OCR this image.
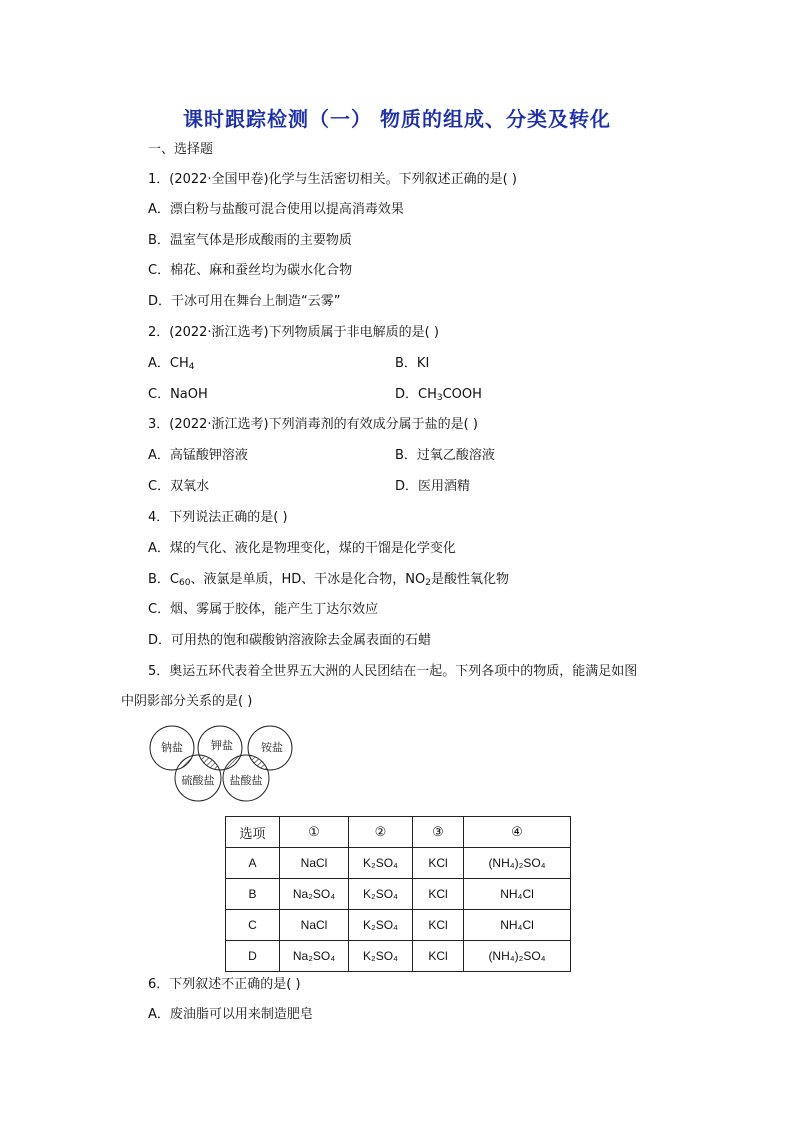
课时跟踪检测（一） 物质的组成、分类及转化
一、选择题
1．(2022·全国甲卷)化学与生活密切相关。下列叙述正确的是( )
A．漂白粉与盐酸可混合使用以提高消毒效果
B．温室气体是形成酸雨的主要物质
C．棉花、麻和蚕丝均为碳水化合物
D．干冰可用在舞台上制造“云雾”
2．(2022·浙江选考)下列物质属于非电解质的是( )
A．$CH_4$	B．KI
C．NaOH	D．$CH_3COOH$
3．(2022·浙江选考)下列消毒剂的有效成分属于盐的是( )
A．高锰酸钾溶液	B．过氧乙酸溶液
C．双氧水	D．医用酒精
4．下列说法正确的是( )
A．煤的气化、液化是物理变化，煤的干馏是化学变化
B．$C_{60}$、液氯是单质，HD、干冰是化合物，$NO_2$是酸性氧化物
C．烟、雾属于胶体，能产生丁达尔效应
D．可用热的饱和碳酸钠溶液除去金属表面的石蜡
5．奥运五环代表着全世界五大洲的人民团结在一起。下列各项中的物质，能满足如图
中阴影部分关系的是( )
钠盐	钾盐	铵盐
硫酸盐 盐酸盐
选项	①	②	③	④
A	NaCl	K₂SO₄	KCl	(NH₄)₂SO₄
B	Na₂SO₄	K₂SO₄	KCl	NH₄Cl
C	NaCl	K₂SO₄	KCl	NH₄Cl
D	Na₂SO₄	K₂SO₄	KCl	(NH₄)₂SO₄
6．下列叙述不正确的是( )
A．废油脂可以用来制造肥皂
